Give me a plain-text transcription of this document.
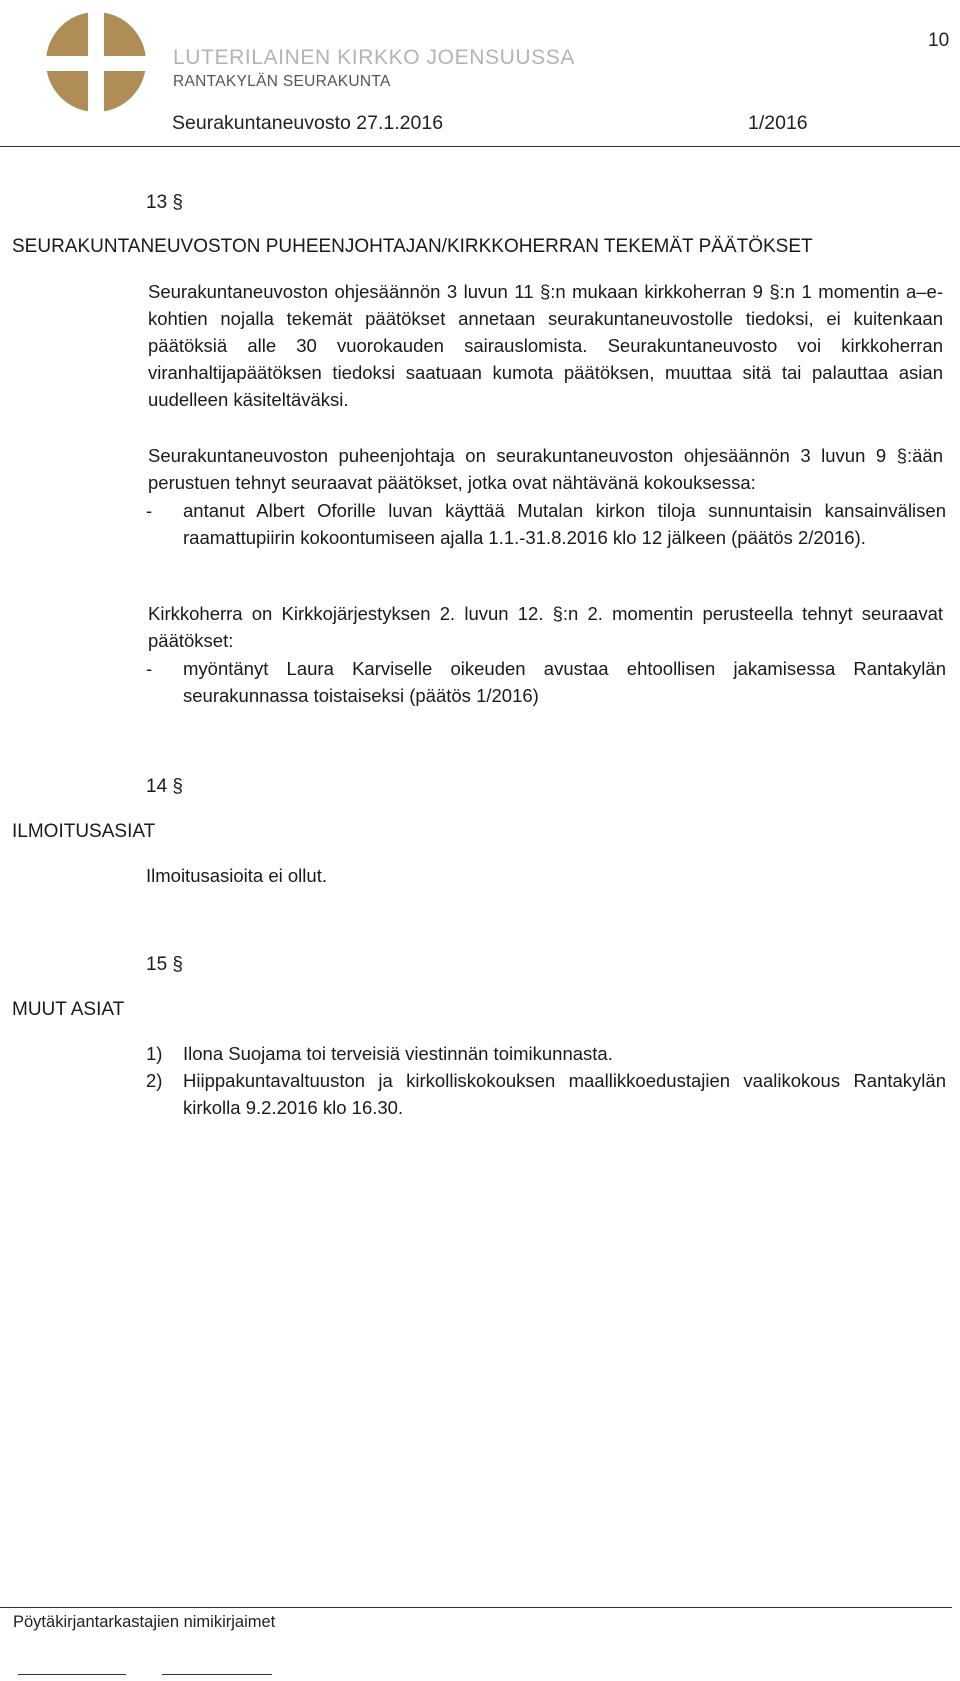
LUTERILAINEN KIRKKO JOENSUUSSA
RANTAKYLÄN SEURAKUNTA
10
Seurakuntaneuvosto 27.1.2016	1/2016
13 §
SEURAKUNTANEUVOSTON PUHEENJOHTAJAN/KIRKKOHERRAN TEKEMÄT PÄÄTÖKSET
Seurakuntaneuvoston ohjesäännön 3 luvun 11 §:n mukaan kirkkoherran 9 §:n 1 momentin a–e-kohtien nojalla tekemät päätökset annetaan seurakuntaneuvostolle tiedoksi, ei kuitenkaan päätöksiä alle 30 vuorokauden sairauslomista. Seurakuntaneuvosto voi kirkkoherran viranhaltijapäätöksen tiedoksi saatuaan kumota päätöksen, muuttaa sitä tai palauttaa asian uudelleen käsiteltäväksi.
Seurakuntaneuvoston puheenjohtaja on seurakuntaneuvoston ohjesäännön 3 luvun 9 §:ään perustuen tehnyt seuraavat päätökset, jotka ovat nähtävänä kokouksessa:
- antanut Albert Oforille luvan käyttää Mutalan kirkon tiloja sunnuntaisin kansainvälisen raamattupiirin kokoontumiseen ajalla 1.1.-31.8.2016 klo 12 jälkeen (päätös 2/2016).
Kirkkoherra on Kirkkojärjestyksen 2. luvun 12. §:n 2. momentin perusteella tehnyt seuraavat päätökset:
- myöntänyt Laura Karviselle oikeuden avustaa ehtoollisen jakamisessa Rantakylän seurakunnassa toistaiseksi (päätös 1/2016)
14 §
ILMOITUSASIAT
Ilmoitusasioita ei ollut.
15 §
MUUT ASIAT
1) Ilona Suojama toi terveisiä viestinnän toimikunnasta.
2) Hiippakuntavaltuuston ja kirkolliskokouksen maallikkoedustajien vaalikokous Rantakylän kirkolla 9.2.2016 klo 16.30.
Pöytäkirjantarkastajien nimikirjaimet
